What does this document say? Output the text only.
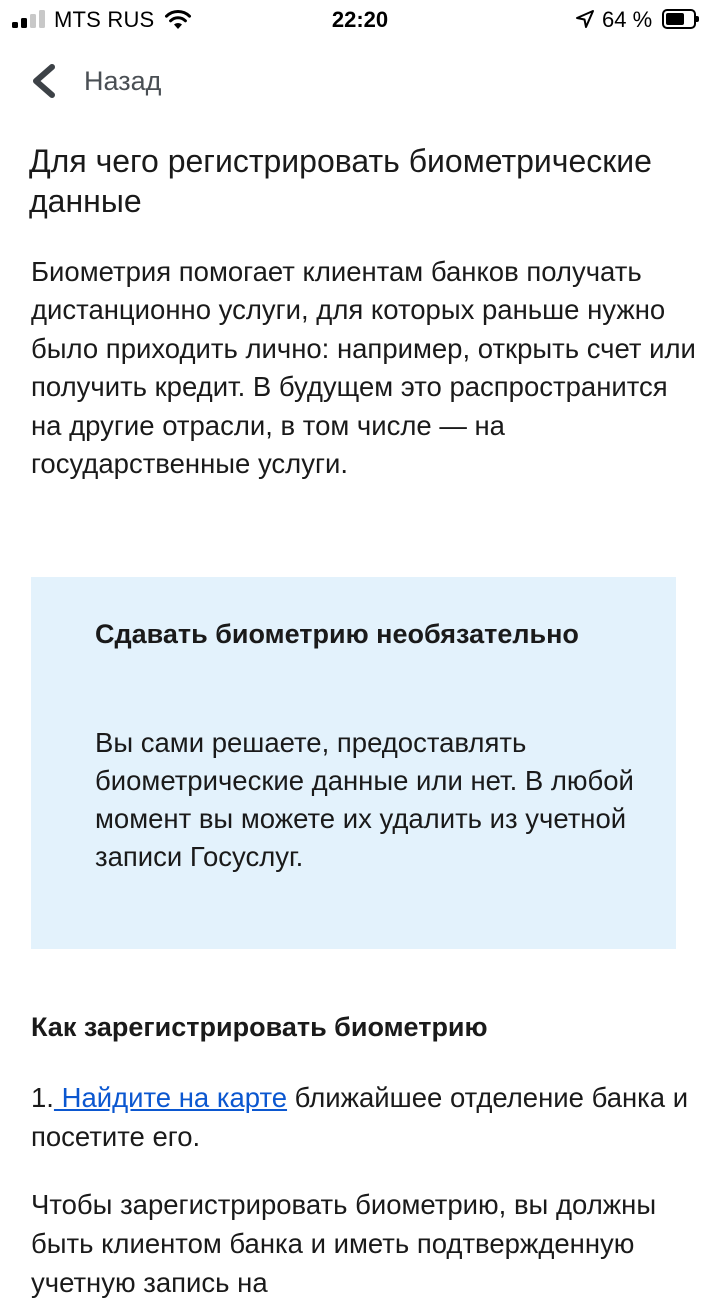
MTS RUS	22:20	64 %
Назад
Для чего регистрировать биометрические данные

Биометрия помогает клиентам банков получать дистанционно услуги, для которых раньше нужно было приходить лично: например, открыть счет или получить кредит. В будущем это распространится на другие отрасли, в том числе — на государственные услуги.

Сдавать биометрию необязательно

Вы сами решаете, предоставлять биометрические данные или нет. В любой момент вы можете их удалить из учетной записи Госуслуг.

Как зарегистрировать биометрию

1. Найдите на карте ближайшее отделение банка и посетите его.

Чтобы зарегистрировать биометрию, вы должны быть клиентом банка и иметь подтвержденную учетную запись на
